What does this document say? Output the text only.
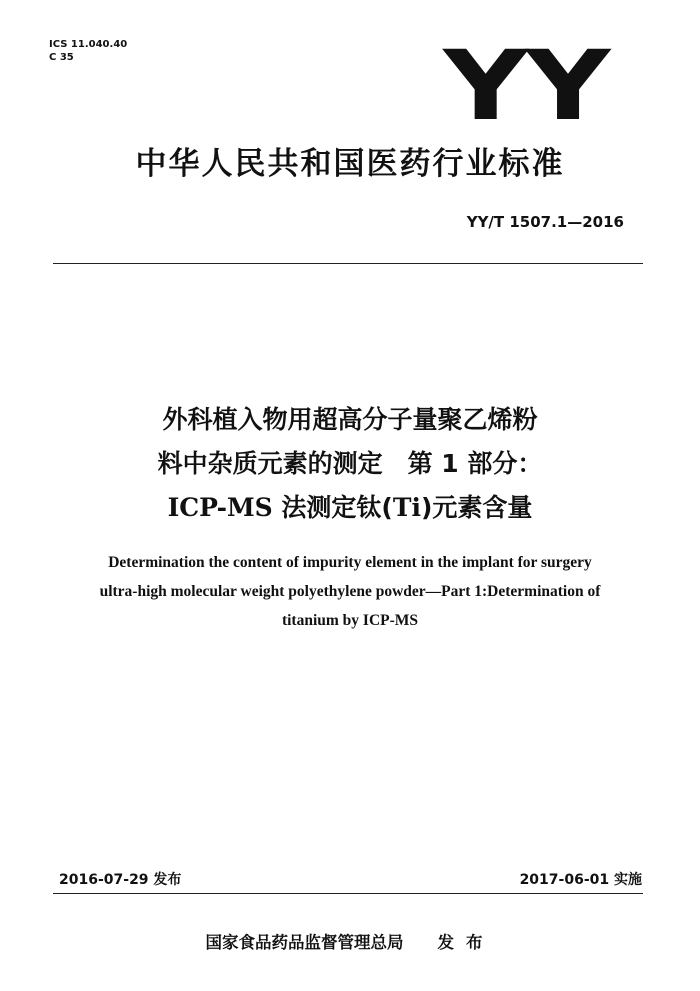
ICS 11.040.40
C 35	YY
中华人民共和国医药行业标准
YY/T 1507.1—2016
外科植入物用超高分子量聚乙烯粉
料中杂质元素的测定　第 1 部分：
ICP-MS 法测定钛(Ti)元素含量
Determination the content of impurity element in the implant for surgery
ultra-high molecular weight polyethylene powder—Part 1:Determination of
titanium by ICP-MS
2016-07-29 发布	2017-06-01 实施
国家食品药品监督管理总局 发布
